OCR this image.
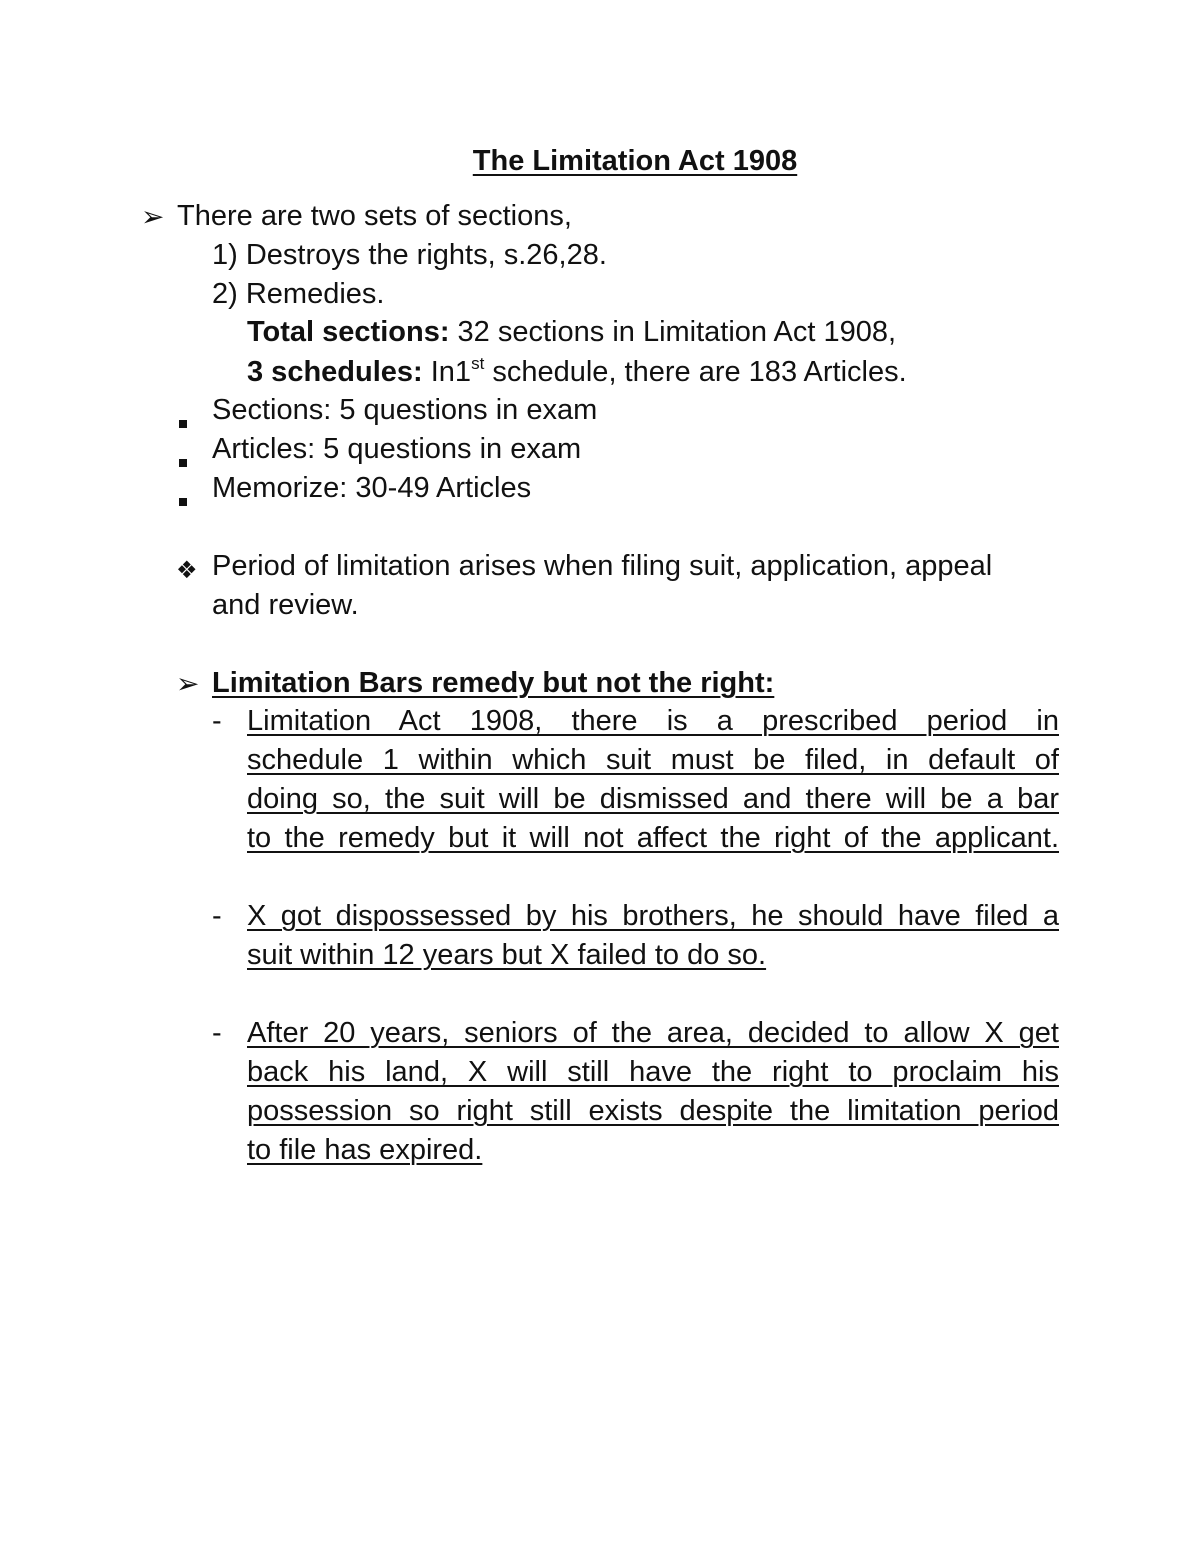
The Limitation Act 1908
➢ There are two sets of sections,
1) Destroys the rights, s.26,28.
2) Remedies.
Total sections: 32 sections in Limitation Act 1908,
3 schedules: In1st schedule, there are 183 Articles.
Sections: 5 questions in exam
Articles: 5 questions in exam
Memorize: 30-49 Articles
❖ Period of limitation arises when filing suit, application, appeal
and review.
➢ Limitation Bars remedy but not the right:
- Limitation Act 1908, there is a prescribed period in
schedule 1 within which suit must be filed, in default of
doing so, the suit will be dismissed and there will be a bar
to the remedy but it will not affect the right of the applicant.
- X got dispossessed by his brothers, he should have filed a
suit within 12 years but X failed to do so.
- After 20 years, seniors of the area, decided to allow X get
back his land, X will still have the right to proclaim his
possession so right still exists despite the limitation period
to file has expired.
